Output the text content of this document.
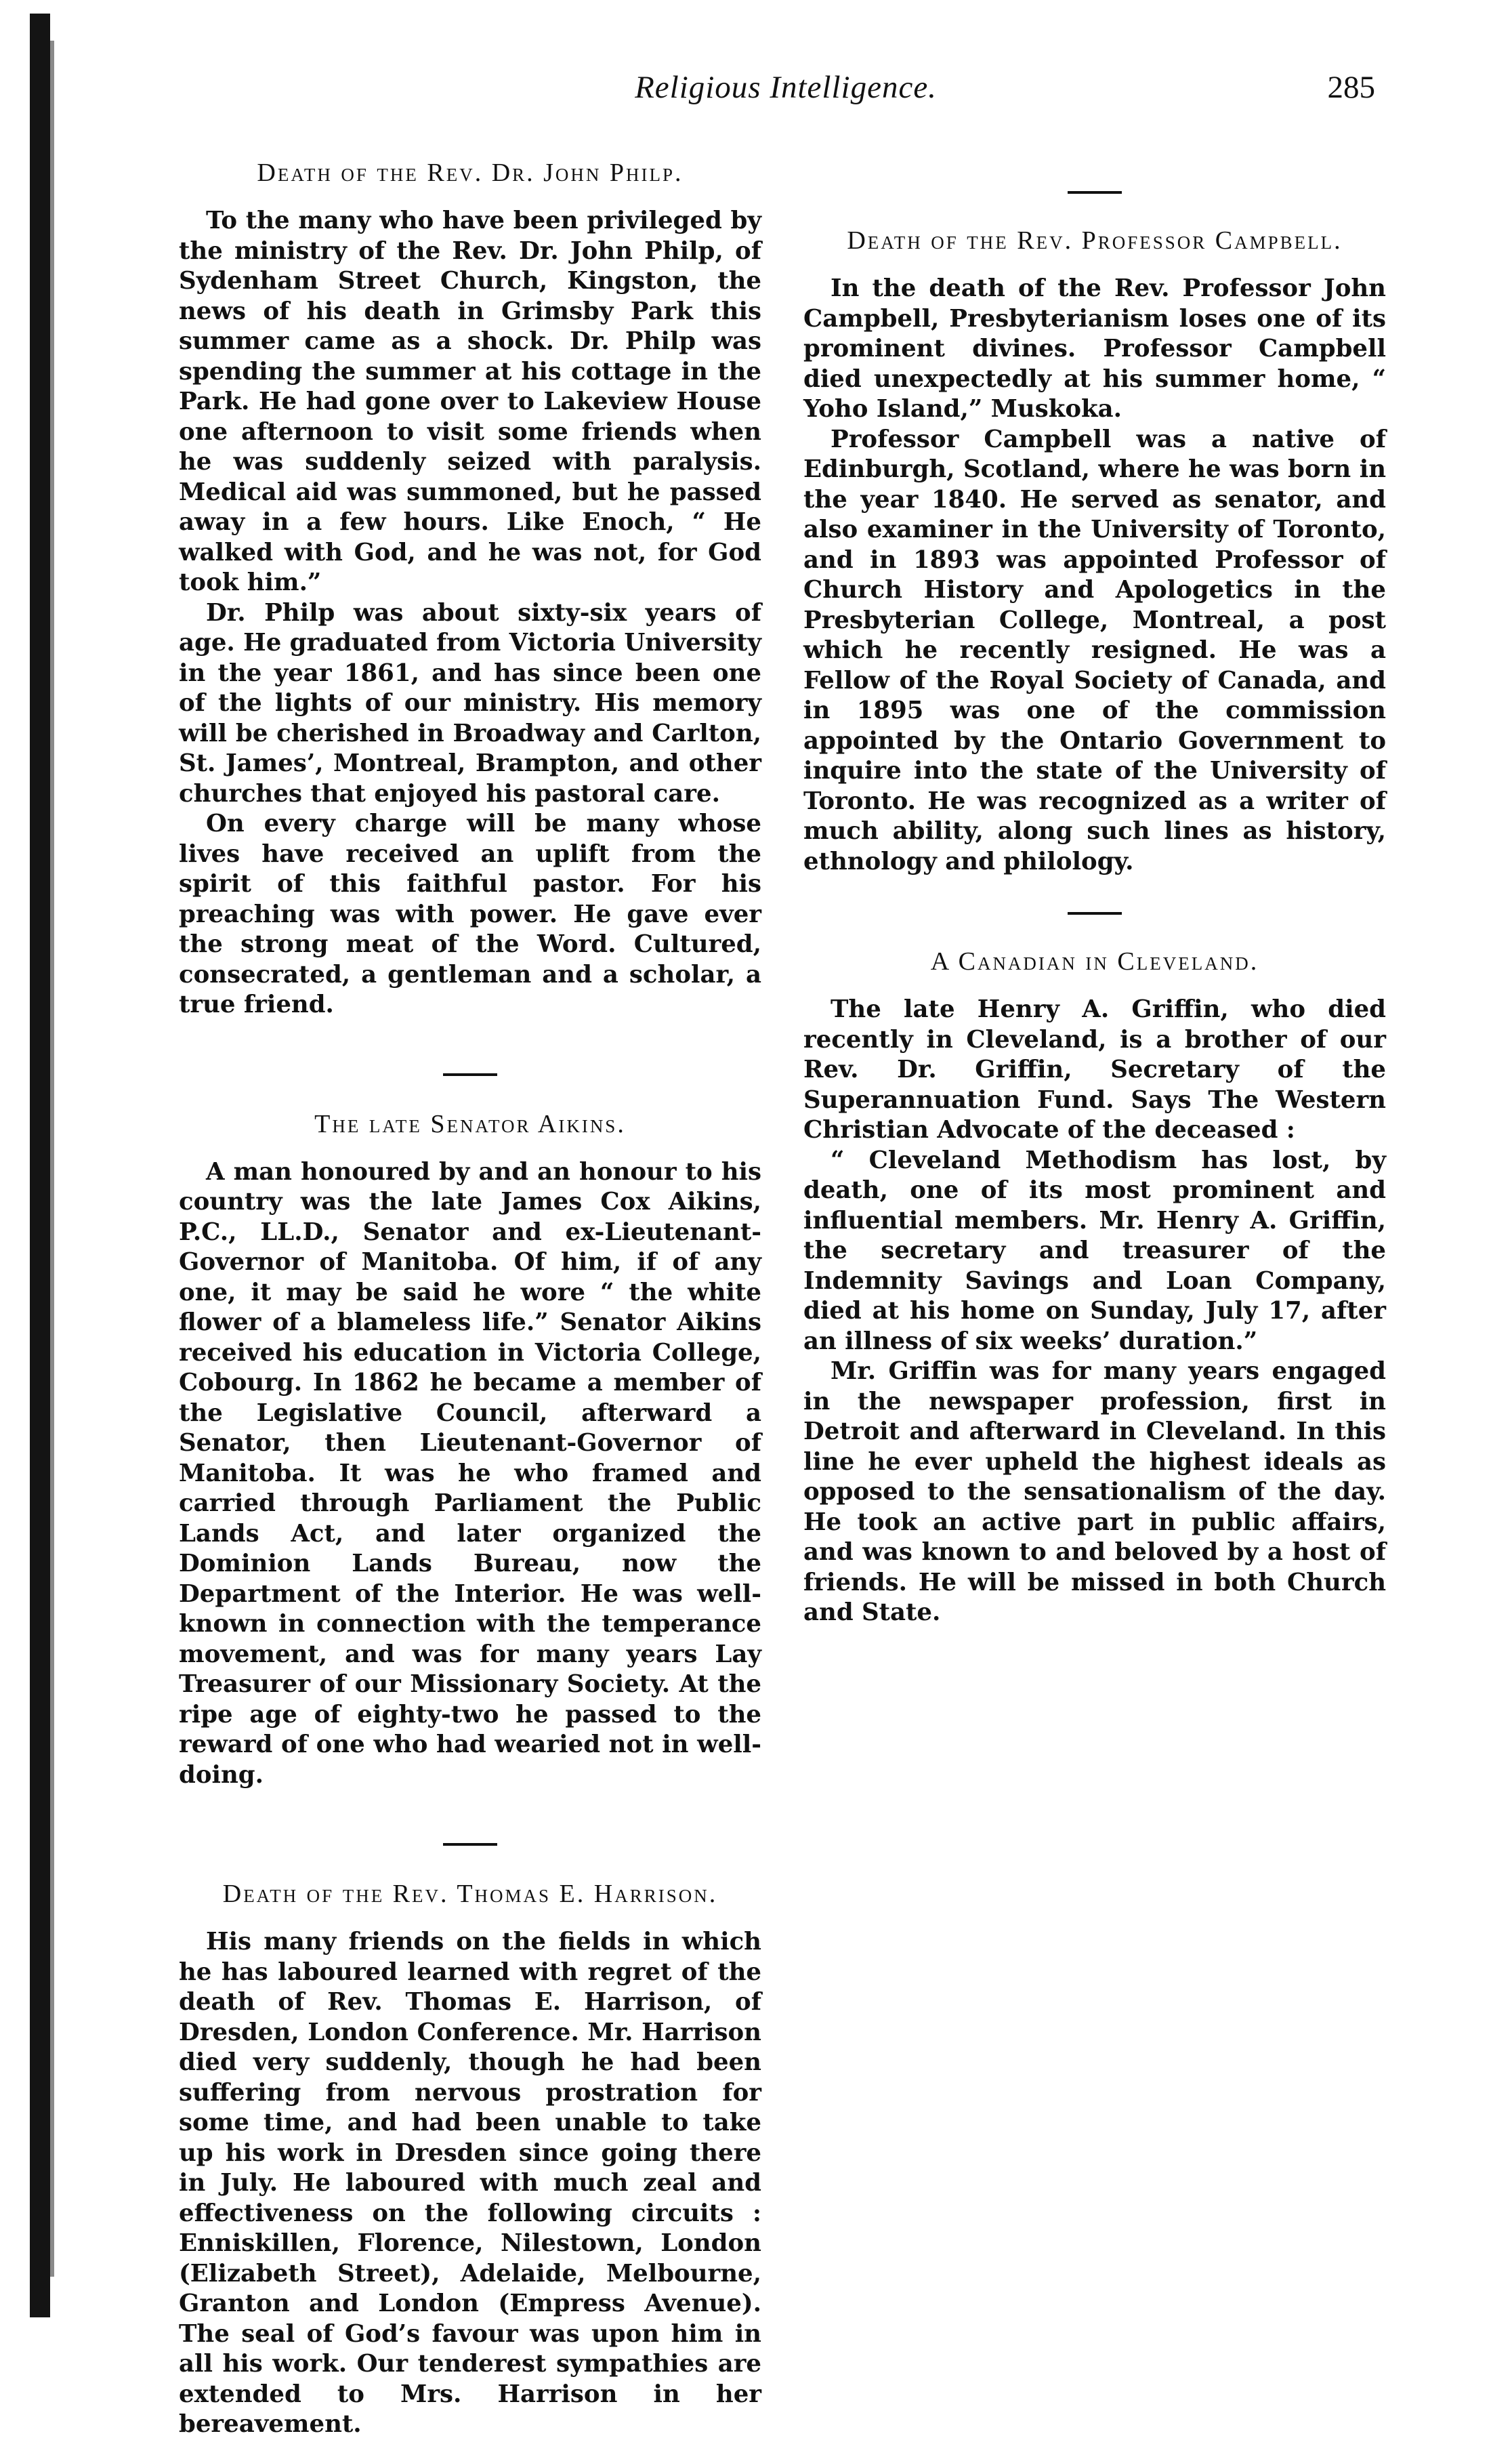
Religious Intelligence.	285
Death of the Rev. Dr. John Philp.

To the many who have been privileged by the ministry of the Rev. Dr. John Philp, of Sydenham Street Church, Kingston, the news of his death in Grimsby Park this summer came as a shock. Dr. Philp was spending the summer at his cottage in the Park. He had gone over to Lakeview House one afternoon to visit some friends when he was suddenly seized with paralysis. Medical aid was summoned, but he passed away in a few hours. Like Enoch, “ He walked with God, and he was not, for God took him.”

Dr. Philp was about sixty-six years of age. He graduated from Victoria University in the year 1861, and has since been one of the lights of our ministry. His memory will be cherished in Broadway and Carlton, St. James’, Montreal, Brampton, and other churches that enjoyed his pastoral care.

On every charge will be many whose lives have received an uplift from the spirit of this faithful pastor. For his preaching was with power. He gave ever the strong meat of the Word. Cultured, consecrated, a gentleman and a scholar, a true friend.

The late Senator Aikins.

A man honoured by and an honour to his country was the late James Cox Aikins, P.C., LL.D., Senator and ex-Lieutenant-Governor of Manitoba. Of him, if of any one, it may be said he wore “ the white flower of a blameless life.” Senator Aikins received his education in Victoria College, Cobourg. In 1862 he became a member of the Legislative Council, afterward a Senator, then Lieutenant-Governor of Manitoba. It was he who framed and carried through Parliament the Public Lands Act, and later organized the Dominion Lands Bureau, now the Department of the Interior. He was well-known in connection with the temperance movement, and was for many years Lay Treasurer of our Missionary Society. At the ripe age of eighty-two he passed to the reward of one who had wearied not in well-doing.

Death of the Rev. Thomas E. Harrison.

His many friends on the fields in which he has laboured learned with regret of the death of Rev. Thomas E. Harrison, of Dresden, London Conference. Mr. Harrison died very suddenly, though he had been suffering from nervous prostration for some time, and had been unable to take up his work in Dresden since going there in July. He laboured with much zeal and effectiveness on the following circuits : Enniskillen, Florence, Nilestown, London (Elizabeth Street), Adelaide, Melbourne, Granton and London (Empress Avenue). The seal of God’s favour was upon him in all his work. Our tenderest sympathies are extended to Mrs. Harrison in her bereavement.

Death of the Rev. Professor Campbell.

In the death of the Rev. Professor John Campbell, Presbyterianism loses one of its prominent divines. Professor Campbell died unexpectedly at his summer home, “ Yoho Island,” Muskoka.

Professor Campbell was a native of Edinburgh, Scotland, where he was born in the year 1840. He served as senator, and also examiner in the University of Toronto, and in 1893 was appointed Professor of Church History and Apologetics in the Presbyterian College, Montreal, a post which he recently resigned. He was a Fellow of the Royal Society of Canada, and in 1895 was one of the commission appointed by the Ontario Government to inquire into the state of the University of Toronto. He was recognized as a writer of much ability, along such lines as history, ethnology and philology.

A Canadian in Cleveland.

The late Henry A. Griffin, who died recently in Cleveland, is a brother of our Rev. Dr. Griffin, Secretary of the Superannuation Fund. Says The Western Christian Advocate of the deceased :

“ Cleveland Methodism has lost, by death, one of its most prominent and influential members. Mr. Henry A. Griffin, the secretary and treasurer of the Indemnity Savings and Loan Company, died at his home on Sunday, July 17, after an illness of six weeks’ duration.”

Mr. Griffin was for many years engaged in the newspaper profession, first in Detroit and afterward in Cleveland. In this line he ever upheld the highest ideals as opposed to the sensationalism of the day. He took an active part in public affairs, and was known to and beloved by a host of friends. He will be missed in both Church and State.
